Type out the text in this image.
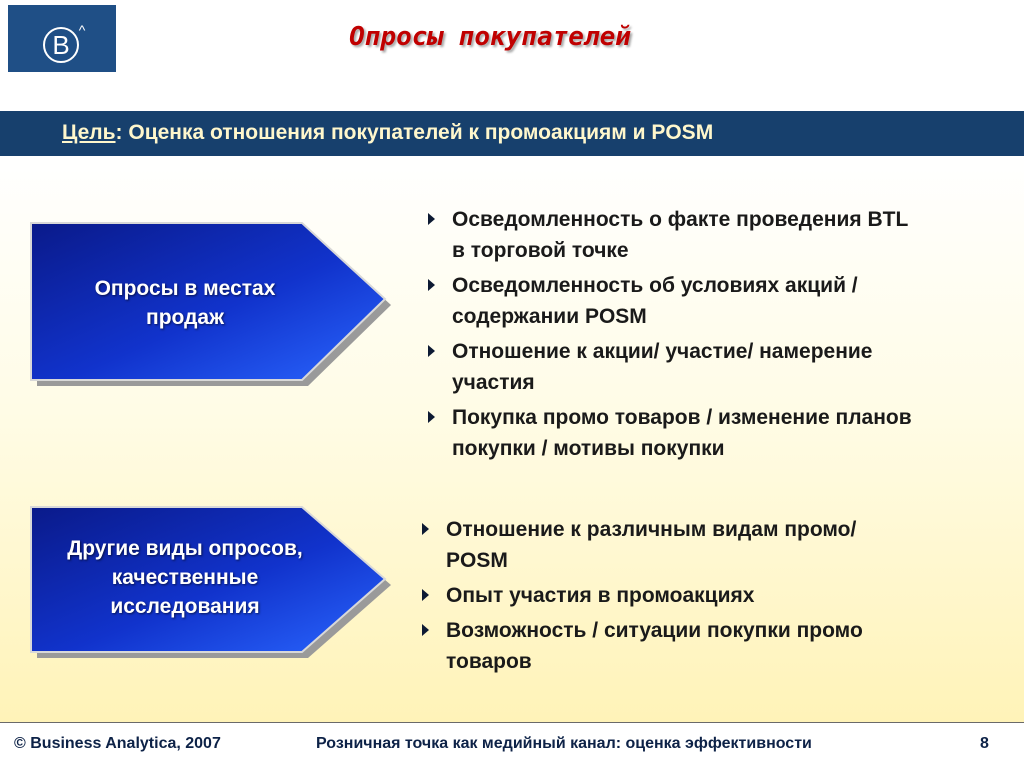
B ^	Опросы покупателей
Цель: Оценка отношения покупателей к промоакциям и POSM
Опросы в местах
продаж
Осведомленность о факте проведения BTL
в торговой точке
Осведомленность об условиях акций /
содержании POSM
Отношение к акции/ участие/ намерение
участия
Покупка промо товаров / изменение планов
покупки / мотивы покупки
Другие виды опросов,
качественные
исследования
Отношение к различным видам промо/
POSM
Опыт участия в промоакциях
Возможность / ситуации покупки промо
товаров
© Business Analytica, 2007	Розничная точка как медийный канал: оценка эффективности	8
